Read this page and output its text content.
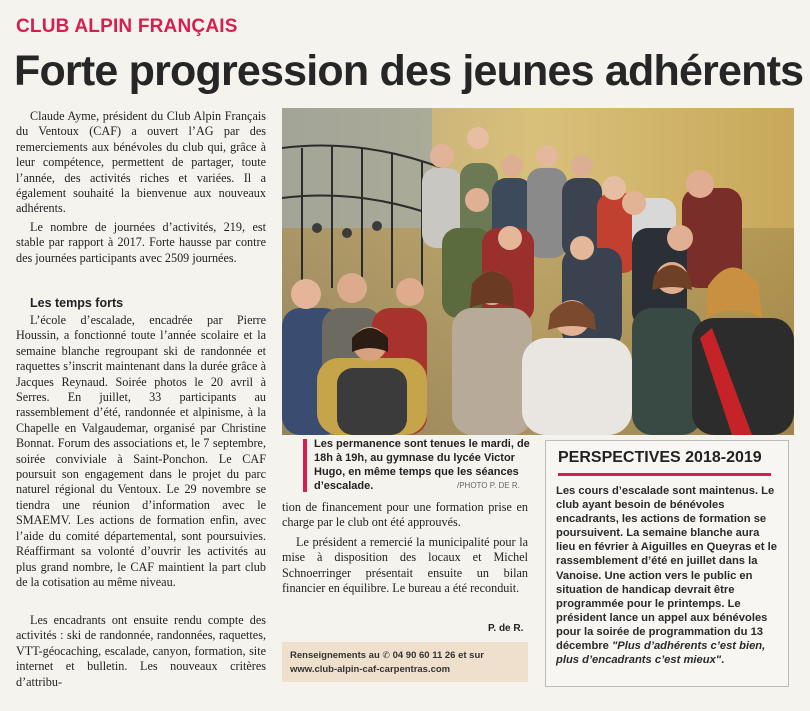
CLUB ALPIN FRANÇAIS
Forte progression des jeunes adhérents

Claude Ayme, président du Club Alpin Français du Ventoux (CAF) a ouvert l’AG par des remerciements aux bénévoles du club qui, grâce à leur compétence, permettent de partager, toute l’année, des activités riches et variées. Il a également souhaité la bienvenue aux nouveaux adhérents.

Le nombre de journées d’activités, 219, est stable par rapport à 2017. Forte hausse par contre des journées participants avec 2509 journées.

Les temps forts

L’école d’escalade, encadrée par Pierre Houssin, a fonctionné toute l’année scolaire et la semaine blanche regroupant ski de randonnée et raquettes s’inscrit maintenant dans la durée grâce à Jacques Reynaud. Soirée photos le 20 avril à Serres. En juillet, 33 participants au rassemblement d’été, randonnée et alpinisme, à la Chapelle en Valgaudemar, organisé par Christine Bonnat. Forum des associations et, le 7 septembre, soirée conviviale à Saint-Ponchon. Le CAF poursuit son engagement dans le projet du parc naturel régional du Ventoux. Le 29 novembre se tiendra une réunion d’information avec le SMAEMV. Les actions de formation enfin, avec l’aide du comité départemental, sont poursuivies. Réaffirmant sa volonté d’ouvrir les activités au plus grand nombre, le CAF maintient la part club de la cotisation au même niveau.

Les encadrants ont ensuite rendu compte des activités : ski de randonnée, randonnées, raquettes, VTT-géocaching, escalade, canyon, formation, site internet et bulletin. Les nouveaux critères d’attribu-

Les permanence sont tenues le mardi, de 18h à 19h, au gymnase du lycée Victor Hugo, en même temps que les séances d’escalade.	/PHOTO P. DE R.

tion de financement pour une formation prise en charge par le club ont été approuvés.

Le président a remercié la municipalité pour la mise à disposition des locaux et Michel Schnoerringer présentait ensuite un bilan financier en équilibre. Le bureau a été reconduit.

P. de R.
Renseignements au ✆ 04 90 60 11 26 et sur
www.club-alpin-caf-carpentras.com
PERSPECTIVES 2018-2019
Les cours d’escalade sont maintenus. Le club ayant besoin de bénévoles encadrants, les actions de formation se poursuivent. La semaine blanche aura lieu en février à Aiguilles en Queyras et le rassemblement d’été en juillet dans la Vanoise. Une action vers le public en situation de handicap devrait être programmée pour le printemps. Le président lance un appel aux bénévoles pour la soirée de programmation du 13 décembre "Plus d’adhérents c’est bien, plus d’encadrants c’est mieux".
